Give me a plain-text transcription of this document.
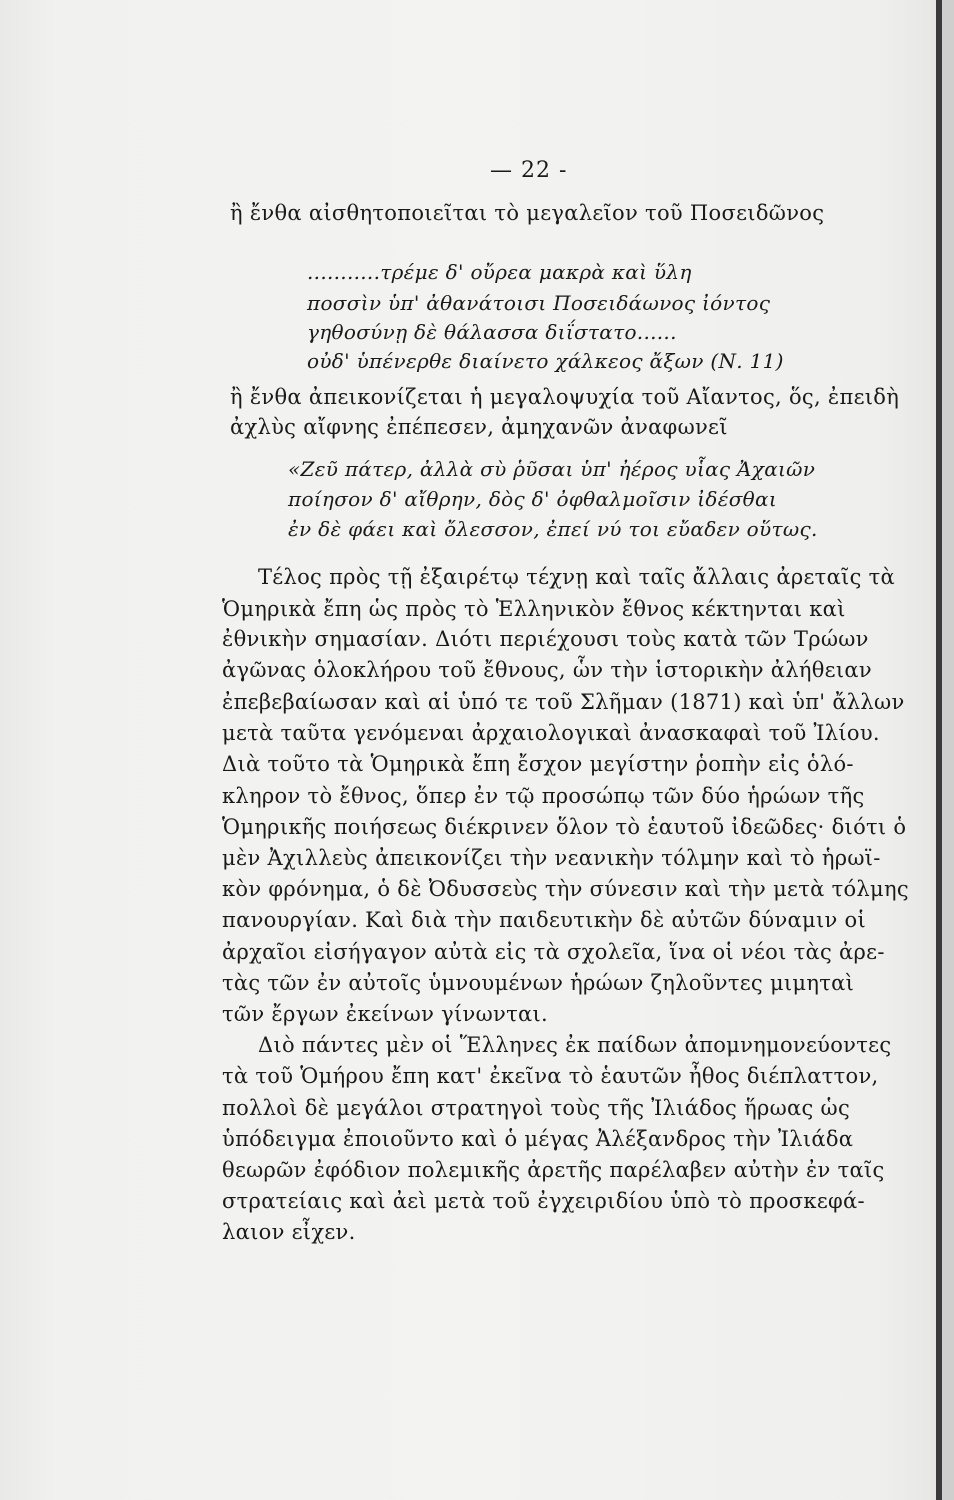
— 22 -
ἢ ἔνθα αἰσθητοποιεῖται τὸ μεγαλεῖον τοῦ Ποσειδῶνος
...........τρέμε δ' οὔρεα μακρὰ καὶ ὕλη
ποσσὶν ὑπ' ἀθανάτοισι Ποσειδάωνος ἰόντος
γηθοσύνῃ δὲ θάλασσα διΐστατο......
οὐδ' ὑπένερθε διαίνετο χάλκεος ἄξων (Ν. 11)
ἢ ἔνθα ἀπεικονίζεται ἡ μεγαλοψυχία τοῦ Αἴαντος, ὅς, ἐπειδὴ
ἀχλὺς αἴφνης ἐπέπεσεν, ἀμηχανῶν ἀναφωνεῖ
«Ζεῦ πάτερ, ἀλλὰ σὺ ῥῦσαι ὑπ' ἠέρος υἷας Ἀχαιῶν
ποίησον δ' αἴθρην, δὸς δ' ὀφθαλμοῖσιν ἰδέσθαι
ἐν δὲ φάει καὶ ὄλεσσον, ἐπεί νύ τοι εὔαδεν οὕτως.
Τέλος πρὸς τῇ ἐξαιρέτῳ τέχνῃ καὶ ταῖς ἄλλαις ἀρεταῖς τὰ
Ὁμηρικὰ ἔπη ὡς πρὸς τὸ Ἑλληνικὸν ἔθνος κέκτηνται καὶ
ἐθνικὴν σημασίαν. Διότι περιέχουσι τοὺς κατὰ τῶν Τρώων
ἀγῶνας ὁλοκλήρου τοῦ ἔθνους, ὧν τὴν ἱστορικὴν ἀλήθειαν
ἐπεβεβαίωσαν καὶ αἱ ὑπό τε τοῦ Σλῆμαν (1871) καὶ ὑπ' ἄλλων
μετὰ ταῦτα γενόμεναι ἀρχαιολογικαὶ ἀνασκαφαὶ τοῦ Ἰλίου.
Διὰ τοῦτο τὰ Ὁμηρικὰ ἔπη ἔσχον μεγίστην ῥοπὴν εἰς ὁλό-
κληρον τὸ ἔθνος, ὅπερ ἐν τῷ προσώπῳ τῶν δύο ἡρώων τῆς
Ὁμηρικῆς ποιήσεως διέκρινεν ὅλον τὸ ἑαυτοῦ ἰδεῶδες· διότι ὁ
μὲν Ἀχιλλεὺς ἀπεικονίζει τὴν νεανικὴν τόλμην καὶ τὸ ἡρωϊ-
κὸν φρόνημα, ὁ δὲ Ὀδυσσεὺς τὴν σύνεσιν καὶ τὴν μετὰ τόλμης
πανουργίαν. Καὶ διὰ τὴν παιδευτικὴν δὲ αὐτῶν δύναμιν οἱ
ἀρχαῖοι εἰσήγαγον αὐτὰ εἰς τὰ σχολεῖα, ἵνα οἱ νέοι τὰς ἀρε-
τὰς τῶν ἐν αὐτοῖς ὑμνουμένων ἡρώων ζηλοῦντες μιμηταὶ
τῶν ἔργων ἐκείνων γίνωνται.
Διὸ πάντες μὲν οἱ Ἕλληνες ἐκ παίδων ἀπομνημονεύοντες
τὰ τοῦ Ὁμήρου ἔπη κατ' ἐκεῖνα τὸ ἑαυτῶν ἦθος διέπλαττον,
πολλοὶ δὲ μεγάλοι στρατηγοὶ τοὺς τῆς Ἰλιάδος ἥρωας ὡς
ὑπόδειγμα ἐποιοῦντο καὶ ὁ μέγας Ἀλέξανδρος τὴν Ἰλιάδα
θεωρῶν ἐφόδιον πολεμικῆς ἀρετῆς παρέλαβεν αὐτὴν ἐν ταῖς
στρατείαις καὶ ἀεὶ μετὰ τοῦ ἐγχειριδίου ὑπὸ τὸ προσκεφά-
λαιον εἶχεν.
